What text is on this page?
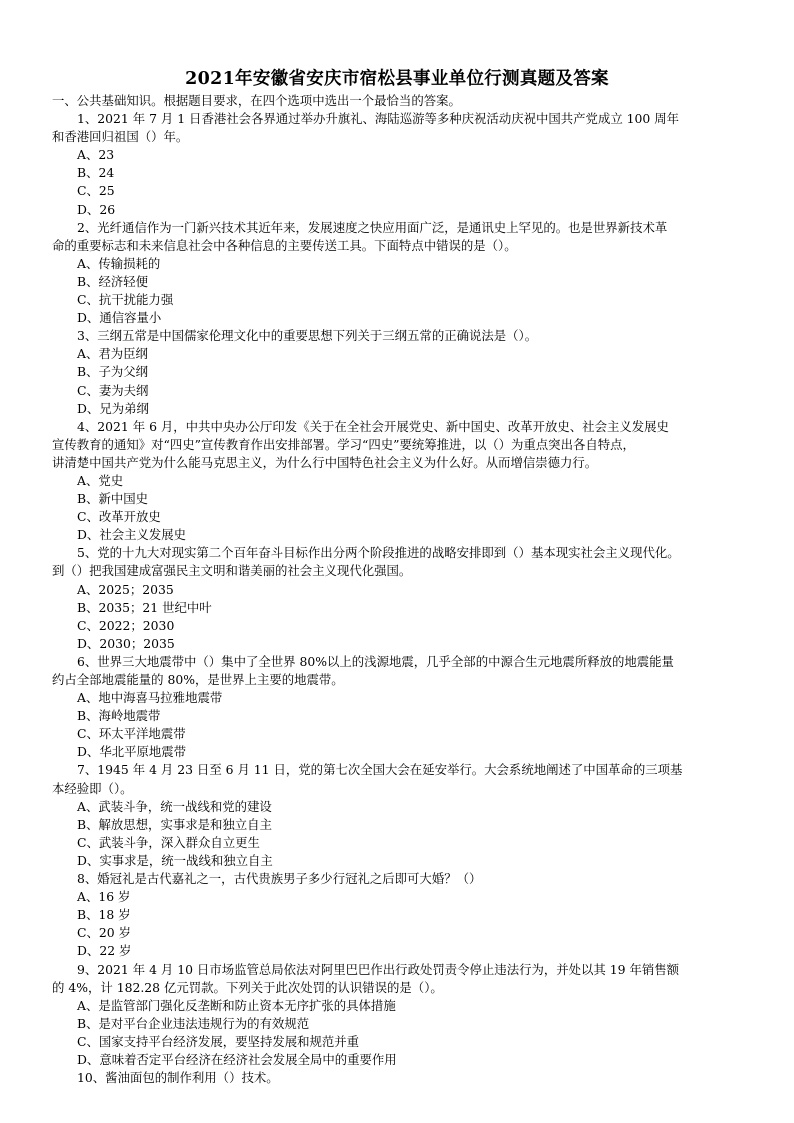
2021年安徽省安庆市宿松县事业单位行测真题及答案
一、公共基础知识。根据题目要求，在四个选项中选出一个最恰当的答案。
1、2021 年 7 月 1 日香港社会各界通过举办升旗礼、海陆巡游等多种庆祝活动庆祝中国共产党成立 100 周年
和香港回归祖国（）年。
A、23
B、24
C、25
D、26
2、光纤通信作为一门新兴技术其近年来，发展速度之快应用面广泛，是通讯史上罕见的。也是世界新技术革
命的重要标志和未来信息社会中各种信息的主要传送工具。下面特点中错误的是（）。
A、传输损耗的
B、经济轻便
C、抗干扰能力强
D、通信容量小
3、三纲五常是中国儒家伦理文化中的重要思想下列关于三纲五常的正确说法是（）。
A、君为臣纲
B、子为父纲
C、妻为夫纲
D、兄为弟纲
4、2021 年 6 月，中共中央办公厅印发《关于在全社会开展党史、新中国史、改革开放史、社会主义发展史
宣传教育的通知》对“四史”宣传教育作出安排部署。学习“四史”要统筹推进，以（）为重点突出各自特点，
讲清楚中国共产党为什么能马克思主义，为什么行中国特色社会主义为什么好。从而增信崇德力行。
A、党史
B、新中国史
C、改革开放史
D、社会主义发展史
5、党的十九大对现实第二个百年奋斗目标作出分两个阶段推进的战略安排即到（）基本现实社会主义现代化。
到（）把我国建成富强民主文明和谐美丽的社会主义现代化强国。
A、2025；2035
B、2035；21 世纪中叶
C、2022；2030
D、2030；2035
6、世界三大地震带中（）集中了全世界 80%以上的浅源地震，几乎全部的中源合生元地震所释放的地震能量
约占全部地震能量的 80%，是世界上主要的地震带。
A、地中海喜马拉雅地震带
B、海岭地震带
C、环太平洋地震带
D、华北平原地震带
7、1945 年 4 月 23 日至 6 月 11 日，党的第七次全国大会在延安举行。大会系统地阐述了中国革命的三项基
本经验即（）。
A、武装斗争，统一战线和党的建设
B、解放思想，实事求是和独立自主
C、武装斗争，深入群众自立更生
D、实事求是，统一战线和独立自主
8、婚冠礼是古代嘉礼之一，古代贵族男子多少行冠礼之后即可大婚？（）
A、16 岁
B、18 岁
C、20 岁
D、22 岁
9、2021 年 4 月 10 日市场监管总局依法对阿里巴巴作出行政处罚责令停止违法行为，并处以其 19 年销售额
的 4%，计 182.28 亿元罚款。下列关于此次处罚的认识错误的是（）。
A、是监管部门强化反垄断和防止资本无序扩张的具体措施
B、是对平台企业违法违规行为的有效规范
C、国家支持平台经济发展，要坚持发展和规范并重
D、意味着否定平台经济在经济社会发展全局中的重要作用
10、酱油面包的制作利用（）技术。
